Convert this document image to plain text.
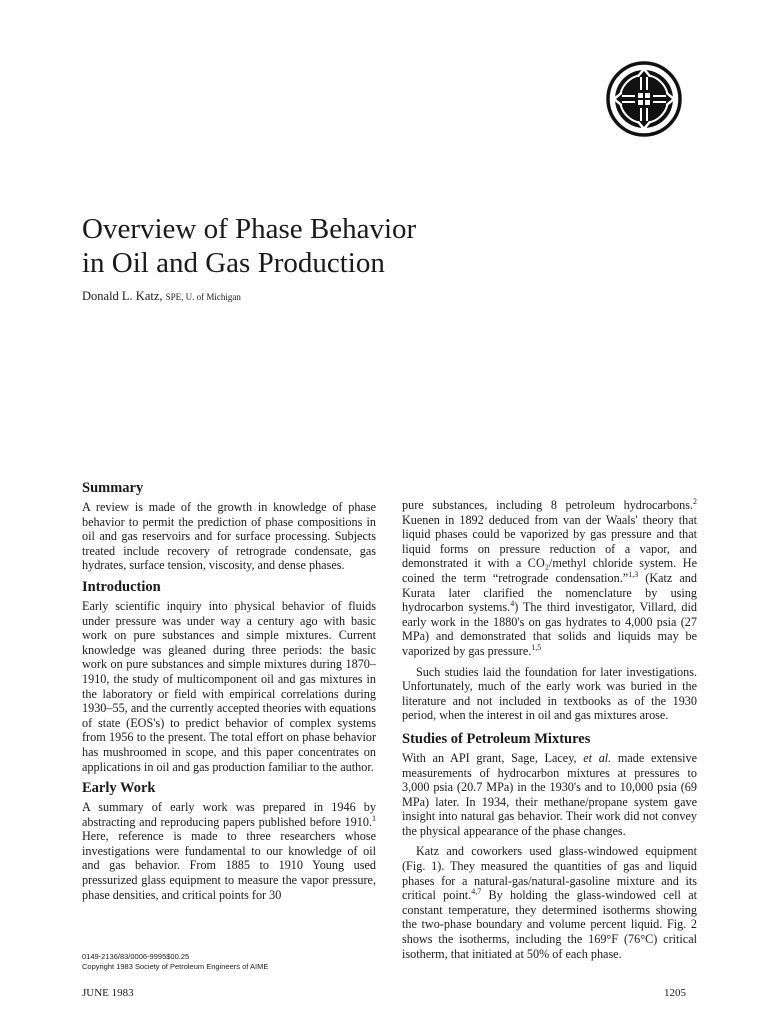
Overview of Phase Behavior
in Oil and Gas Production
Donald L. Katz, SPE, U. of Michigan
Summary

A review is made of the growth in knowledge of phase behavior to permit the prediction of phase compositions in oil and gas reservoirs and for surface processing. Subjects treated include recovery of retrograde condensate, gas hydrates, surface tension, viscosity, and dense phases.

Introduction

Early scientific inquiry into physical behavior of fluids under pressure was under way a century ago with basic work on pure substances and simple mixtures. Current knowledge was gleaned during three periods: the basic work on pure substances and simple mixtures during 1870–1910, the study of multicomponent oil and gas mixtures in the laboratory or field with empirical correlations during 1930–55, and the currently accepted theories with equations of state (EOS's) to predict behavior of complex systems from 1956 to the present. The total effort on phase behavior has mushroomed in scope, and this paper concentrates on applications in oil and gas production familiar to the author.

Early Work

A summary of early work was prepared in 1946 by abstracting and reproducing papers published before 1910.$^1$ Here, reference is made to three researchers whose investigations were fundamental to our knowledge of oil and gas behavior. From 1885 to 1910 Young used pressurized glass equipment to measure the vapor pressure, phase densities, and critical points for 30

pure substances, including 8 petroleum hydrocarbons.$^2$ Kuenen in 1892 deduced from van der Waals' theory that liquid phases could be vaporized by gas pressure and that liquid forms on pressure reduction of a vapor, and demonstrated it with a CO₂/methyl chloride system. He coined the term “retrograde condensation.”$^{1,3}$ (Katz and Kurata later clarified the nomenclature by using hydrocarbon systems.$^4$) The third investigator, Villard, did early work in the 1880's on gas hydrates to 4,000 psia (27 MPa) and demonstrated that solids and liquids may be vaporized by gas pressure.$^{1,5}$

Such studies laid the foundation for later investigations. Unfortunately, much of the early work was buried in the literature and not included in textbooks as of the 1930 period, when the interest in oil and gas mixtures arose.

Studies of Petroleum Mixtures

With an API grant, Sage, Lacey, et al. made extensive measurements of hydrocarbon mixtures at pressures to 3,000 psia (20.7 MPa) in the 1930's and to 10,000 psia (69 MPa) later. In 1934, their methane/propane system gave insight into natural gas behavior. Their work did not convey the physical appearance of the phase changes.

Katz and coworkers used glass-windowed equipment (Fig. 1). They measured the quantities of gas and liquid phases for a natural-gas/natural-gasoline mixture and its critical point.$^{4,7}$ By holding the glass-windowed cell at constant temperature, they determined isotherms showing the two-phase boundary and volume percent liquid. Fig. 2 shows the isotherms, including the 169°F (76°C) critical isotherm, that initiated at 50% of each phase.

0149-2136/83/0006-9995$00.25
Copyright 1983 Society of Petroleum Engineers of AIME
JUNE 1983	1205
